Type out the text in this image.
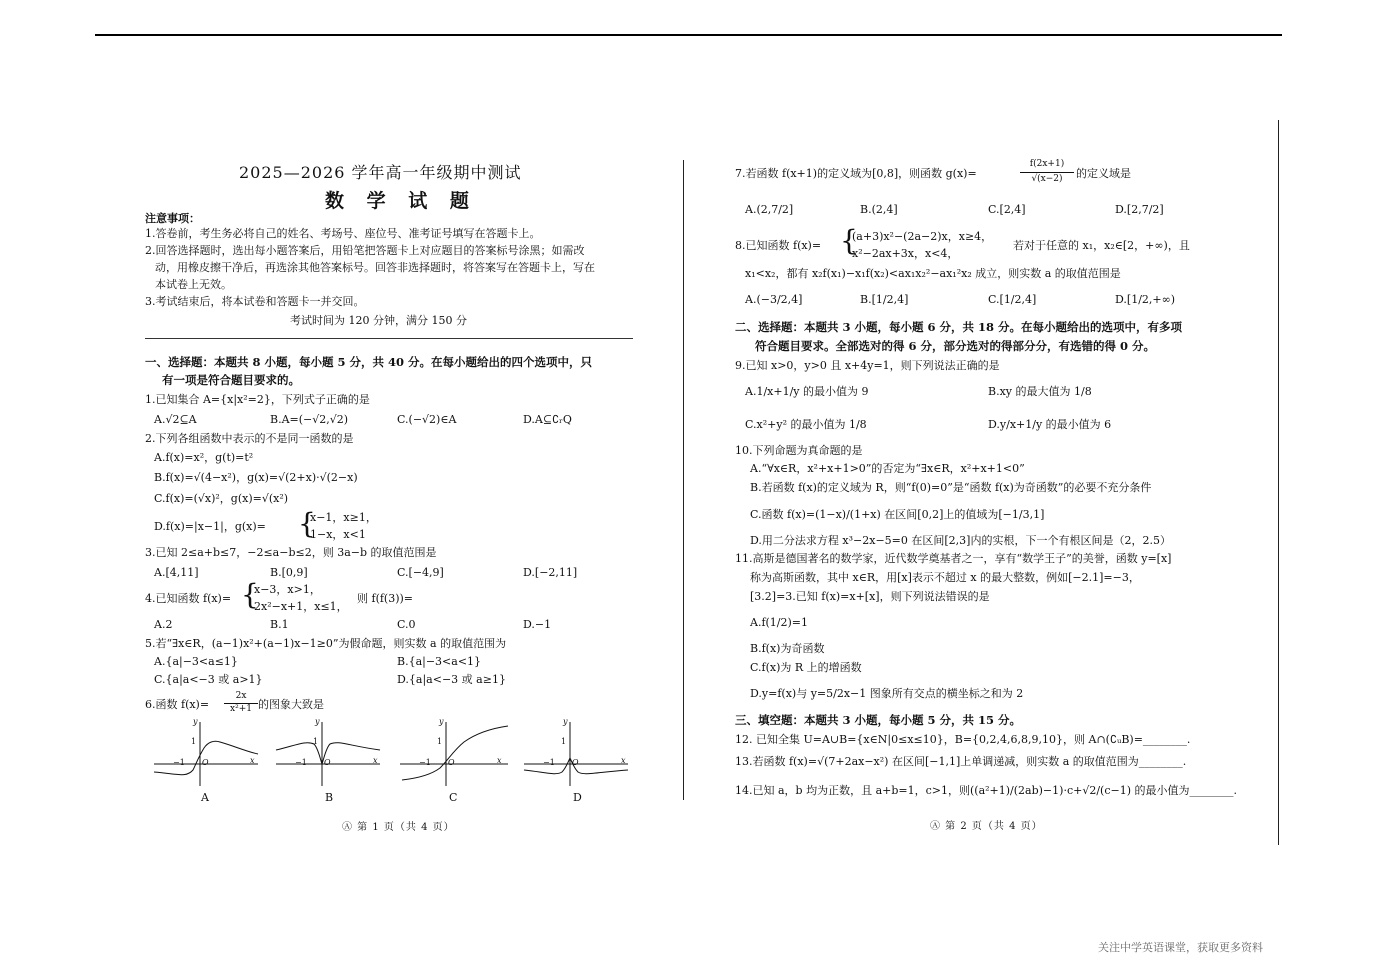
2025—2026 学年高一年级期中测试
数 学 试 题
注意事项：
1.答卷前，考生务必将自己的姓名、考场号、座位号、准考证号填写在答题卡上。
2.回答选择题时，选出每小题答案后，用铅笔把答题卡上对应题目的答案标号涂黑；如需改
动，用橡皮擦干净后，再选涂其他答案标号。回答非选择题时，将答案写在答题卡上，写在
本试卷上无效。
3.考试结束后，将本试卷和答题卡一并交回。
考试时间为 120 分钟，满分 150 分
一、选择题：本题共 8 小题，每小题 5 分，共 40 分。在每小题给出的四个选项中，只
有一项是符合题目要求的。
1.已知集合 A={x|x²=2}，下列式子正确的是
A.√2⊆A	B.A=(−√2,√2)	C.(−√2)∈A	D.A⊆∁ᵣQ
2.下列各组函数中表示的不是同一函数的是
A.f(x)=x²，g(t)=t²
B.f(x)=√(4−x²)，g(x)=√(2+x)·√(2−x)
C.f(x)=(√x)²，g(x)=√(x²)
D.f(x)=|x−1|，g(x)= {
x−1，x≥1，
1−x，x<1
3.已知 2≤a+b≤7，−2≤a−b≤2，则 3a−b 的取值范围是
A.[4,11]	B.[0,9]	C.[−4,9]	D.[−2,11]
4.已知函数 f(x)= {
x−3，x>1，
2x²−x+1，x≤1，
则 f(f(3))=
A.2	B.1	C.0	D.−1
5.若“∃x∈R，(a−1)x²+(a−1)x−1≥0”为假命题，则实数 a 的取值范围为
A.{a|−3<a≤1}	B.{a|−3<a<1}
C.{a|a<−3 或 a>1}	D.{a|a<−3 或 a≥1}
6.函数 f(x)=
2x
x²+1 的图象大致是
y
1
−1 O	x
y
1
−1 O	x
y
1
−1 O	x
y
1
−1 O	x
A	B	C	D
Ⓐ 第 1 页（共 4 页）
7.若函数 f(x+1)的定义域为[0,8]，则函数 g(x)=
f(2x+1)
√(x−2)	的定义域是
A.(2,7/2]	B.(2,4]	C.[2,4]	D.[2,7/2]
8.已知函数 f(x)= {
(a+3)x²−(2a−2)x，x≥4，
x²−2ax+3x，x<4，
若对于任意的 x₁，x₂∈[2，+∞)，且
x₁<x₂，都有 x₂f(x₁)−x₁f(x₂)<ax₁x₂²−ax₁²x₂ 成立，则实数 a 的取值范围是
A.(−3/2,4]	B.[1/2,4]	C.[1/2,4]	D.[1/2,+∞)
二、选择题：本题共 3 小题，每小题 6 分，共 18 分。在每小题给出的选项中，有多项
符合题目要求。全部选对的得 6 分，部分选对的得部分分，有选错的得 0 分。
9.已知 x>0，y>0 且 x+4y=1，则下列说法正确的是
A.1/x+1/y 的最小值为 9	B.xy 的最大值为 1/8
C.x²+y² 的最小值为 1/8	D.y/x+1/y 的最小值为 6
10.下列命题为真命题的是
A.“∀x∈R，x²+x+1>0”的否定为“∃x∈R，x²+x+1<0”
B.若函数 f(x)的定义域为 R，则“f(0)=0”是“函数 f(x)为奇函数”的必要不充分条件
C.函数 f(x)=(1−x)/(1+x) 在区间[0,2]上的值域为[−1/3,1]
D.用二分法求方程 x³−2x−5=0 在区间[2,3]内的实根，下一个有根区间是（2，2.5）
11.高斯是德国著名的数学家，近代数学奠基者之一，享有“数学王子”的美誉，函数 y=[x]
称为高斯函数，其中 x∈R，用[x]表示不超过 x 的最大整数，例如[−2.1]=−3，
[3.2]=3.已知 f(x)=x+[x]，则下列说法错误的是
A.f(1/2)=1
B.f(x)为奇函数
C.f(x)为 R 上的增函数
D.y=f(x)与 y=5/2x−1 图象所有交点的横坐标之和为 2
三、填空题：本题共 3 小题，每小题 5 分，共 15 分。
12. 已知全集 U=A∪B={x∈N|0≤x≤10}，B={0,2,4,6,8,9,10}，则 A∩(∁ᵤB)=________.
13.若函数 f(x)=√(7+2ax−x²) 在区间[−1,1]上单调递减，则实数 a 的取值范围为________.
14.已知 a，b 均为正数，且 a+b=1，c>1，则((a²+1)/(2ab)−1)·c+√2/(c−1) 的最小值为________.
Ⓐ 第 2 页（共 4 页）
关注中学英语课堂，获取更多资料
